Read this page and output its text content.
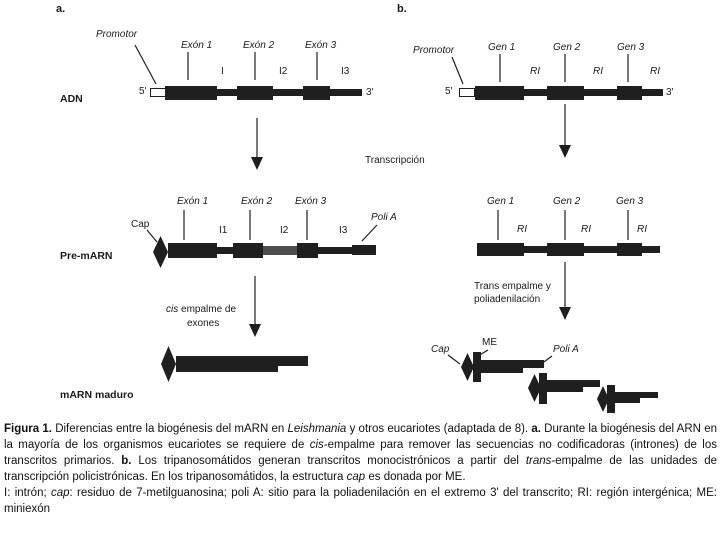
a.
Promotor
Exón 1	Exón 2	Exón 3
I	I2	I3
5'	3'
ADN
Transcripción
Exón 1	Exón 2 Exón 3
I1	I2	I3
Cap
Poli A
Pre-mARN
cis empalme de
exones
mARN maduro
b.
Promotor	Gen 1	Gen 2	Gen 3
RI	RI	RI
5'	3'
Gen 1	Gen 2	Gen 3
RI	RI	RI
Trans empalme y
poliadenilación
Cap
ME
Poli A

Figura 1. Diferencias entre la biogénesis del mARN en Leishmania y otros eucariotes (adaptada de 8). a. Durante la biogénesis del ARN en la mayoría de los organismos eucariotes se requiere de cis-empalme para remover las secuencias no codificadoras (intrones) de los transcritos primarios. b. Los tripanosomátidos generan transcritos monocistrónicos a partir del trans-empalme de las unidades de transcripción policistrónicas. En los tripanosomátidos, la estructura cap es donada por ME.

I: intrón; cap: residuo de 7-metilguanosina; poli A: sitio para la poliadenilación en el extremo 3' del transcrito; RI: región intergénica; ME: miniexón
